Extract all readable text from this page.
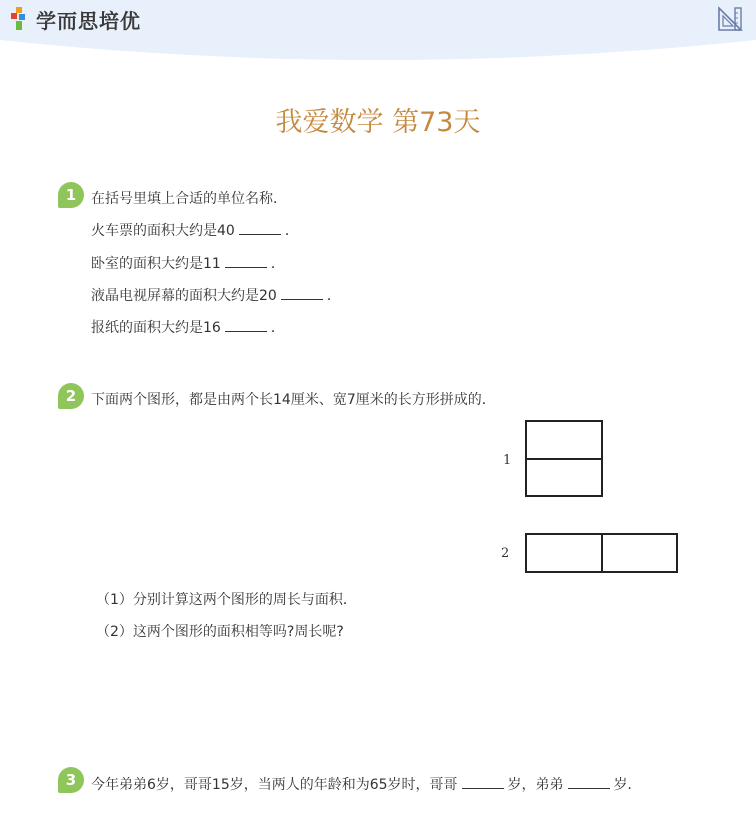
学而思培优
我爱数学 第73天
1	在括号里填上合适的单位名称．
火车票的面积大约是40	．
卧室的面积大约是11	．
液晶电视屏幕的面积大约是20	．
报纸的面积大约是16	．
2	下面两个图形，都是由两个长14厘米、宽7厘米的长方形拼成的．
1
2
（1）分别计算这两个图形的周长与面积．
（2）这两个图形的面积相等吗?周长呢?
3	今年弟弟6岁，哥哥15岁，当两人的年龄和为65岁时，哥哥	岁，弟弟	岁．
